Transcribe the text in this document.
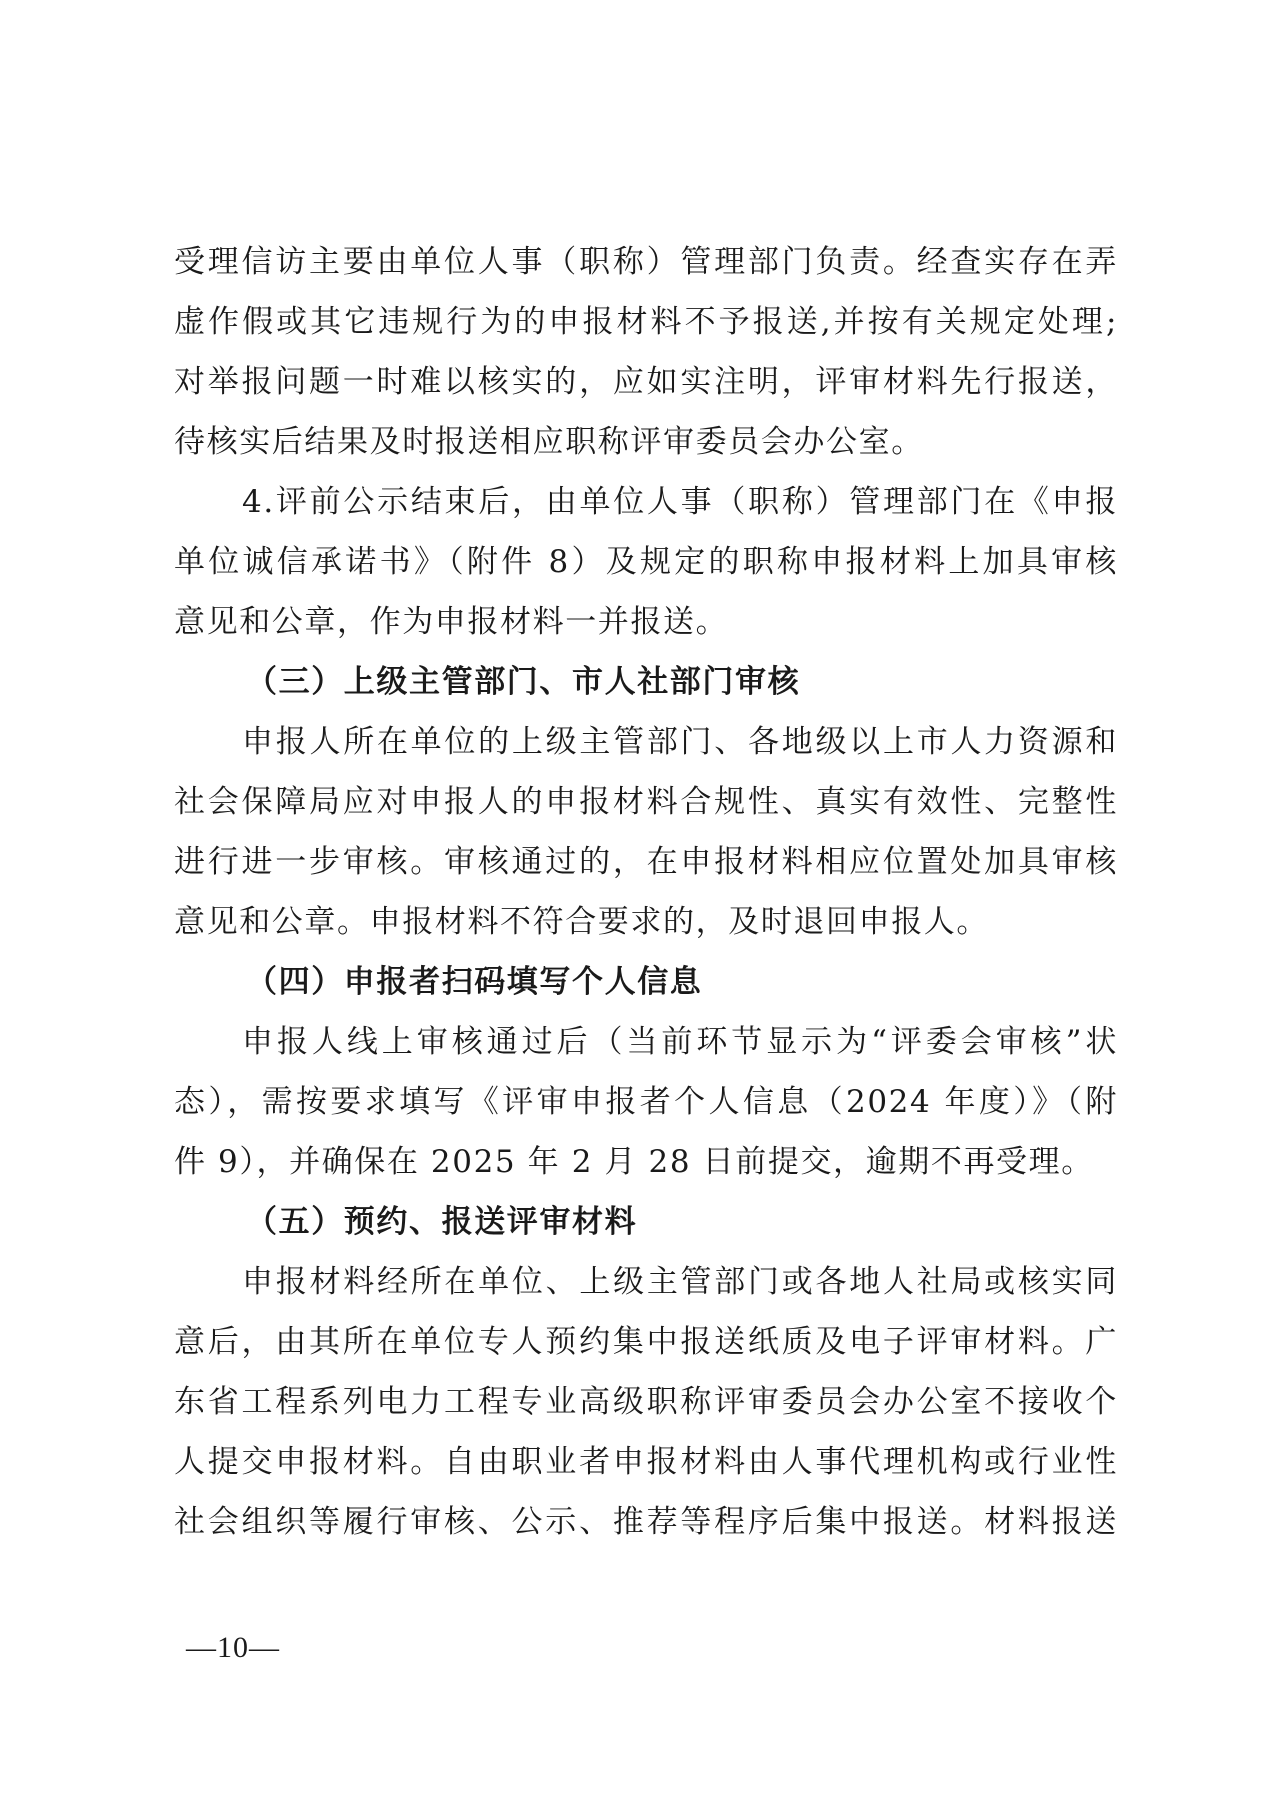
受理信访主要由单位人事（职称）管理部门负责。经查实存在弄

虚作假或其它违规行为的申报材料不予报送,并按有关规定处理;

对举报问题一时难以核实的，应如实注明，评审材料先行报送，

待核实后结果及时报送相应职称评审委员会办公室。

4.评前公示结束后，由单位人事（职称）管理部门在《申报

单位诚信承诺书》（附件 8）及规定的职称申报材料上加具审核

意见和公章，作为申报材料一并报送。

（三）上级主管部门、市人社部门审核

申报人所在单位的上级主管部门、各地级以上市人力资源和

社会保障局应对申报人的申报材料合规性、真实有效性、完整性

进行进一步审核。审核通过的，在申报材料相应位置处加具审核

意见和公章。申报材料不符合要求的，及时退回申报人。

（四）申报者扫码填写个人信息

申报人线上审核通过后（当前环节显示为“评委会审核”状

态），需按要求填写《评审申报者个人信息（2024 年度）》（附

件 9），并确保在 2025 年 2 月 28 日前提交，逾期不再受理。

（五）预约、报送评审材料

申报材料经所在单位、上级主管部门或各地人社局或核实同

意后，由其所在单位专人预约集中报送纸质及电子评审材料。广

东省工程系列电力工程专业高级职称评审委员会办公室不接收个

人提交申报材料。自由职业者申报材料由人事代理机构或行业性

社会组织等履行审核、公示、推荐等程序后集中报送。材料报送

—10—
